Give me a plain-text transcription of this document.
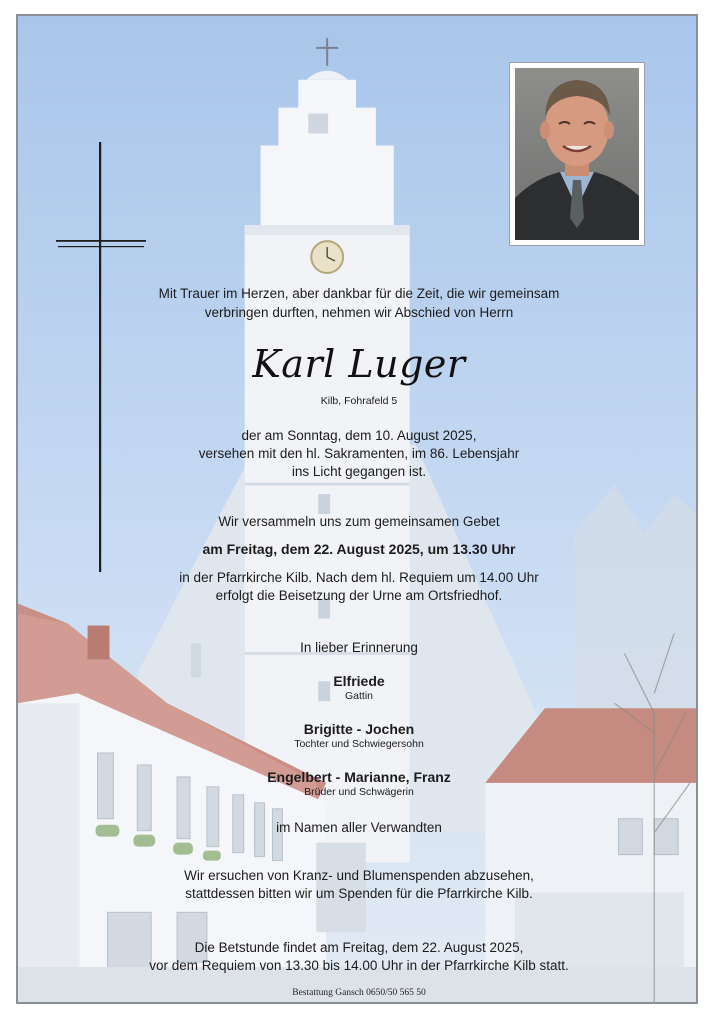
Mit Trauer im Herzen, aber dankbar für die Zeit, die wir gemeinsam
verbringen durften, nehmen wir Abschied von Herrn
Karl Luger
Kilb, Fohrafeld 5
der am Sonntag, dem 10. August 2025,
versehen mit den hl. Sakramenten, im 86. Lebensjahr
ins Licht gegangen ist.
Wir versammeln uns zum gemeinsamen Gebet
am Freitag, dem 22. August 2025, um 13.30 Uhr
in der Pfarrkirche Kilb. Nach dem hl. Requiem um 14.00 Uhr
erfolgt die Beisetzung der Urne am Ortsfriedhof.
In lieber Erinnerung
Elfriede
Gattin
Brigitte - Jochen
Tochter und Schwiegersohn
Engelbert - Marianne, Franz
Brüder und Schwägerin
im Namen aller Verwandten
Wir ersuchen von Kranz- und Blumenspenden abzusehen,
stattdessen bitten wir um Spenden für die Pfarrkirche Kilb.
Die Betstunde findet am Freitag, dem 22. August 2025,
vor dem Requiem von 13.30 bis 14.00 Uhr in der Pfarrkirche Kilb statt.
Bestattung Gansch 0650/50 565 50
